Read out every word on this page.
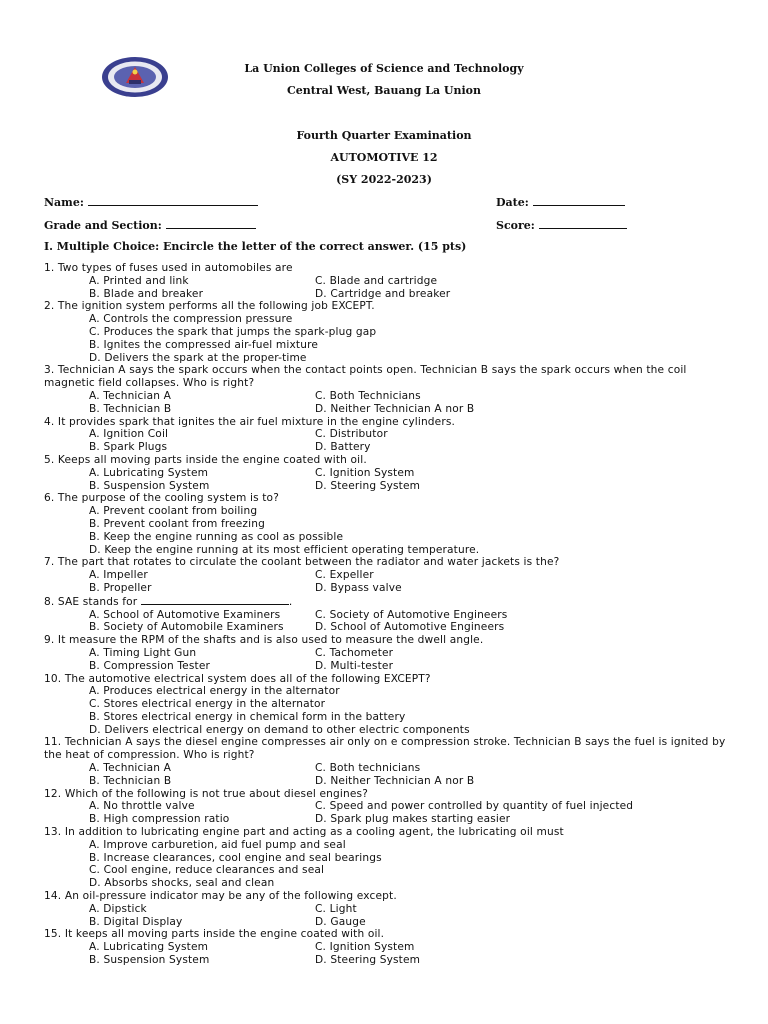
La Union Colleges of Science and Technology
Central West, Bauang La Union
Fourth Quarter Examination
AUTOMOTIVE 12
(SY 2022-2023)
Name:	Date:
Grade and Section:	Score:
I. Multiple Choice: Encircle the letter of the correct answer. (15 pts)
1. Two types of fuses used in automobiles are
A. Printed and link	C. Blade and cartridge
B. Blade and breaker	D. Cartridge and breaker
2. The ignition system performs all the following job EXCEPT.
A. Controls the compression pressure
C. Produces the spark that jumps the spark-plug gap
B. Ignites the compressed air-fuel mixture
D. Delivers the spark at the proper-time
3. Technician A says the spark occurs when the contact points open. Technician B says the spark occurs when the coil magnetic field collapses. Who is right?
A. Technician A	C. Both Technicians
B. Technician B	D. Neither Technician A nor B
4. It provides spark that ignites the air fuel mixture in the engine cylinders.
A. Ignition Coil	C. Distributor
B. Spark Plugs	D. Battery
5. Keeps all moving parts inside the engine coated with oil.
A. Lubricating System	C. Ignition System
B. Suspension System	D. Steering System
6. The purpose of the cooling system is to?
A. Prevent coolant from boiling
B. Prevent coolant from freezing
B. Keep the engine running as cool as possible
D. Keep the engine running at its most efficient operating temperature.
7. The part that rotates to circulate the coolant between the radiator and water jackets is the?
A. Impeller	C. Expeller
B. Propeller	D. Bypass valve
8. SAE stands for	.
A. School of Automotive Examiners	C. Society of Automotive Engineers
B. Society of Automobile Examiners	D. School of Automotive Engineers
9. It measure the RPM of the shafts and is also used to measure the dwell angle.
A. Timing Light Gun	C. Tachometer
B. Compression Tester	D. Multi-tester
10. The automotive electrical system does all of the following EXCEPT?
A. Produces electrical energy in the alternator
C. Stores electrical energy in the alternator
B. Stores electrical energy in chemical form in the battery
D. Delivers electrical energy on demand to other electric components
11. Technician A says the diesel engine compresses air only on e compression stroke. Technician B says the fuel is ignited by the heat of compression. Who is right?
A. Technician A	C. Both technicians
B. Technician B	D. Neither Technician A nor B
12. Which of the following is not true about diesel engines?
A. No throttle valve	C. Speed and power controlled by quantity of fuel injected
B. High compression ratio	D. Spark plug makes starting easier
13. In addition to lubricating engine part and acting as a cooling agent, the lubricating oil must
A. Improve carburetion, aid fuel pump and seal
B. Increase clearances, cool engine and seal bearings
C. Cool engine, reduce clearances and seal
D. Absorbs shocks, seal and clean
14. An oil-pressure indicator may be any of the following except.
A. Dipstick	C. Light
B. Digital Display	D. Gauge
15. It keeps all moving parts inside the engine coated with oil.
A. Lubricating System	C. Ignition System
B. Suspension System	D. Steering System
